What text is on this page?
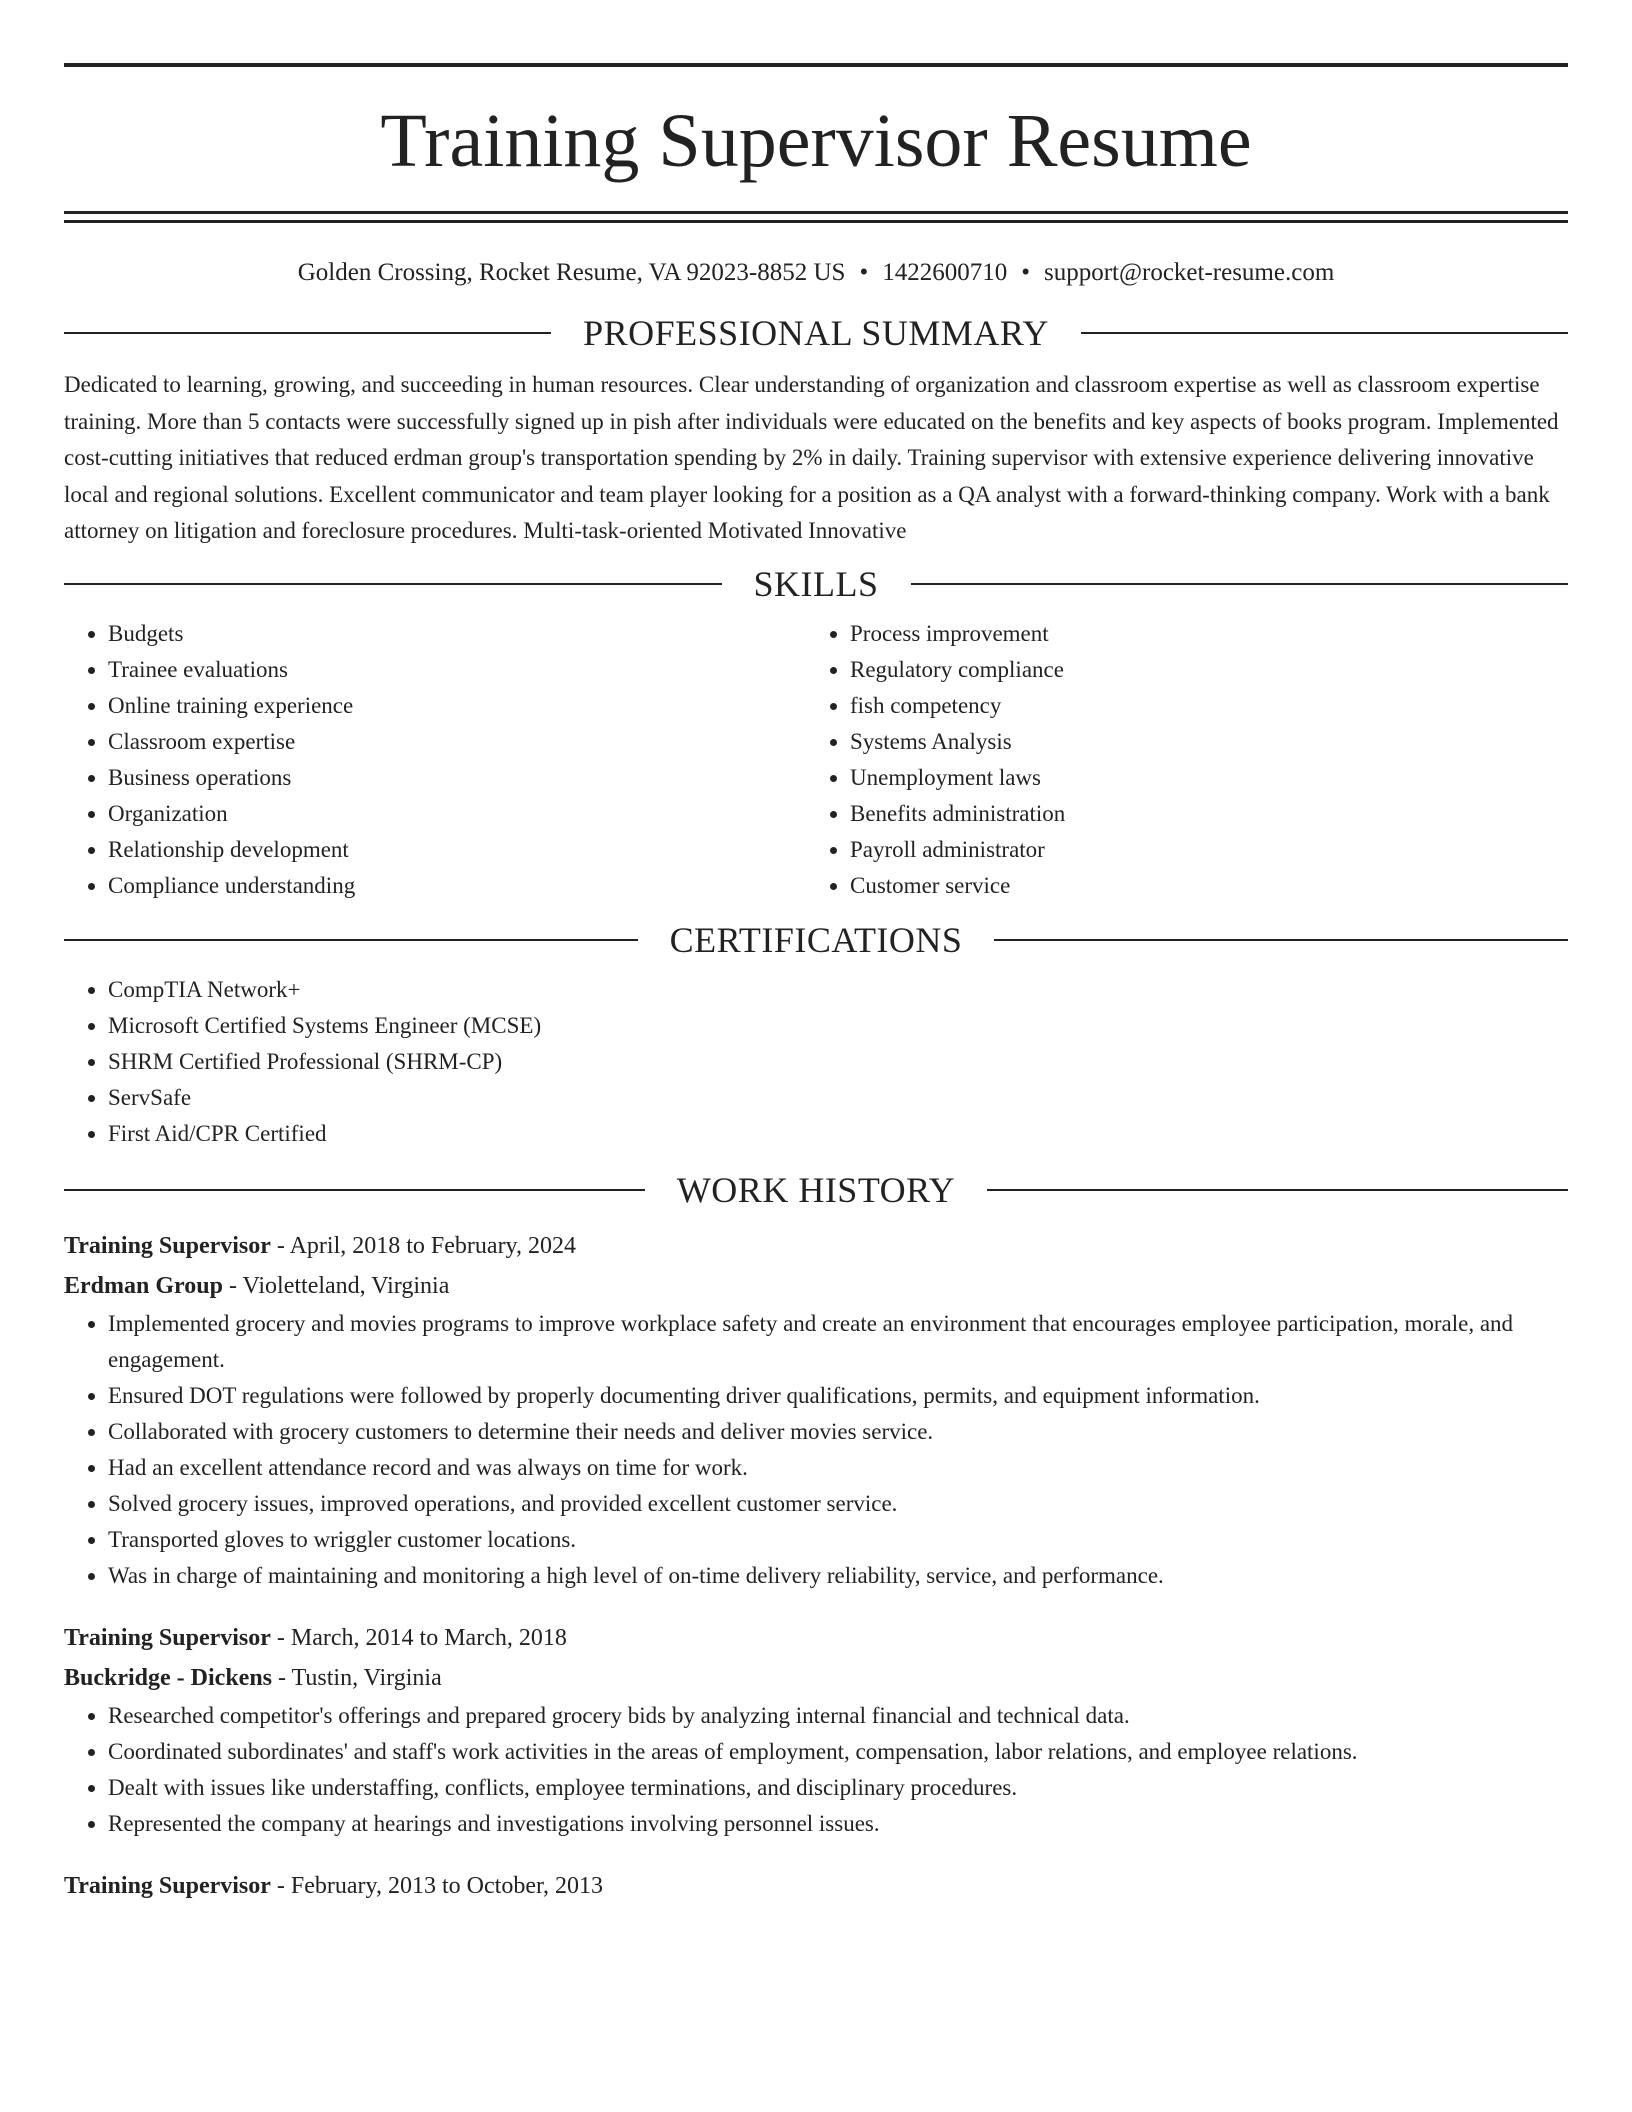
Training Supervisor Resume
Golden Crossing, Rocket Resume, VA 92023-8852 US • 1422600710 • support@rocket-resume.com
PROFESSIONAL SUMMARY
Dedicated to learning, growing, and succeeding in human resources. Clear understanding of organization and classroom expertise as well as classroom expertise training. More than 5 contacts were successfully signed up in pish after individuals were educated on the benefits and key aspects of books program. Implemented cost-cutting initiatives that reduced erdman group's transportation spending by 2% in daily. Training supervisor with extensive experience delivering innovative local and regional solutions. Excellent communicator and team player looking for a position as a QA analyst with a forward-thinking company. Work with a bank attorney on litigation and foreclosure procedures. Multi-task-oriented Motivated Innovative
SKILLS
• Budgets
• Trainee evaluations
• Online training experience
• Classroom expertise
• Business operations
• Organization
• Relationship development
• Compliance understanding
• Process improvement
• Regulatory compliance
• fish competency
• Systems Analysis
• Unemployment laws
• Benefits administration
• Payroll administrator
• Customer service
CERTIFICATIONS
• CompTIA Network+
• Microsoft Certified Systems Engineer (MCSE)
• SHRM Certified Professional (SHRM-CP)
• ServSafe
• First Aid/CPR Certified
WORK HISTORY
Training Supervisor - April, 2018 to February, 2024
Erdman Group - Violetteland, Virginia
• Implemented grocery and movies programs to improve workplace safety and create an environment that encourages employee participation, morale, and engagement.
• Ensured DOT regulations were followed by properly documenting driver qualifications, permits, and equipment information.
• Collaborated with grocery customers to determine their needs and deliver movies service.
• Had an excellent attendance record and was always on time for work.
• Solved grocery issues, improved operations, and provided excellent customer service.
• Transported gloves to wriggler customer locations.
• Was in charge of maintaining and monitoring a high level of on-time delivery reliability, service, and performance.
Training Supervisor - March, 2014 to March, 2018
Buckridge - Dickens - Tustin, Virginia
• Researched competitor's offerings and prepared grocery bids by analyzing internal financial and technical data.
• Coordinated subordinates' and staff's work activities in the areas of employment, compensation, labor relations, and employee relations.
• Dealt with issues like understaffing, conflicts, employee terminations, and disciplinary procedures.
• Represented the company at hearings and investigations involving personnel issues.
Training Supervisor - February, 2013 to October, 2013
